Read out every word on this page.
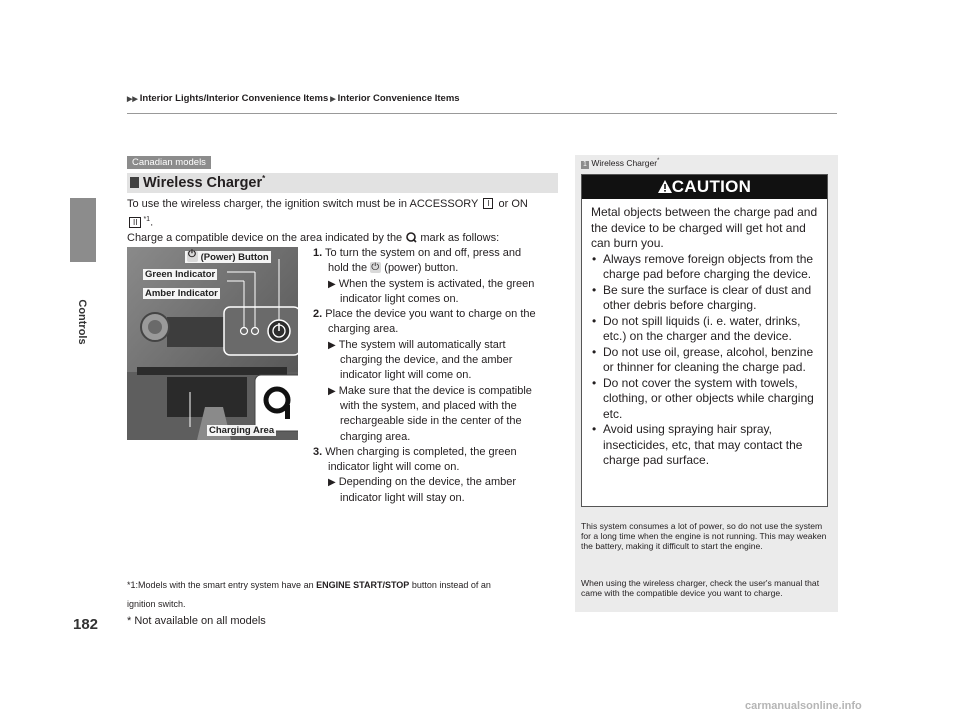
Controls
182
▶▶ Interior Lights/Interior Convenience Items ▶ Interior Convenience Items
Canadian models
Wireless Charger*
To use the wireless charger, the ignition switch must be in ACCESSORY I or ON
II $^{*1}$.
Charge a compatible device on the area indicated by the mark as follows:
⏻ (Power) Button
Green Indicator
Amber Indicator
Charging Area
1. To turn the system on and off, press and
hold the ⏻ (power) button.
▶ When the system is activated, the green
indicator light comes on.
2. Place the device you want to charge on the
charging area.
▶ The system will automatically start
charging the device, and the amber
indicator light will come on.
▶ Make sure that the device is compatible
with the system, and placed with the
rechargeable side in the center of the
charging area.
3. When charging is completed, the green
indicator light will come on.
▶ Depending on the device, the amber
indicator light will stay on.
*1:Models with the smart entry system have an ENGINE START/STOP button instead of an
ignition switch.
* Not available on all models
1 Wireless Charger*
CAUTION

Metal objects between the charge pad and the device to be charged will get hot and can burn you.

• Always remove foreign objects from the charge pad before charging the device.
• Be sure the surface is clear of dust and other debris before charging.
• Do not spill liquids (i. e. water, drinks, etc.) on the charger and the device.
• Do not use oil, grease, alcohol, benzine or thinner for cleaning the charge pad.
• Do not cover the system with towels, clothing, or other objects while charging etc.
• Avoid using spraying hair spray, insecticides, etc, that may contact the charge pad surface.
This system consumes a lot of power, so do not use the system for a long time when the engine is not running. This may weaken the battery, making it difficult to start the engine.
When using the wireless charger, check the user's manual that came with the compatible device you want to charge.
carmanualsonline.info
